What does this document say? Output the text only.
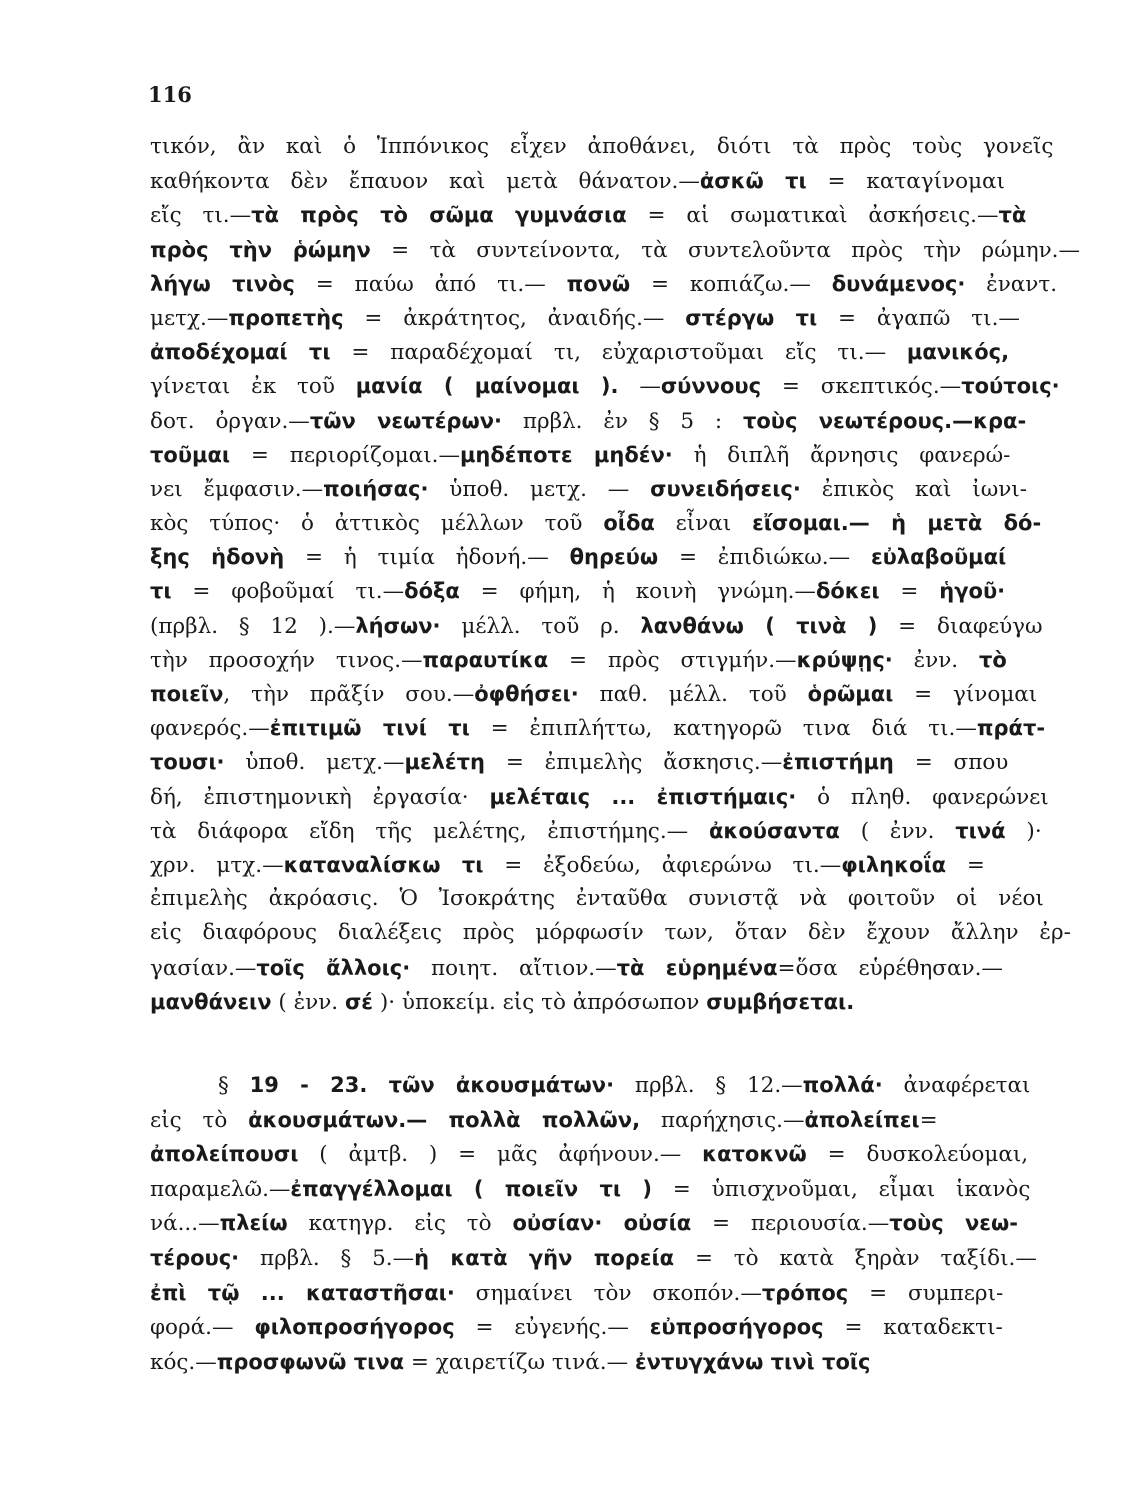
116
τικόν, ἂν καὶ ὁ Ἱππόνικος εἶχεν ἀποθάνει, διότι τὰ πρὸς τοὺς γονεῖς
καθήκοντα δὲν ἔπαυον καὶ μετὰ θάνατον.—ἀσκῶ τι = καταγίνομαι
εἴς τι.—τὰ πρὸς τὸ σῶμα γυμνάσια = αἱ σωματικαὶ ἀσκήσεις.—τὰ
πρὸς τὴν ῥώμην = τὰ συντείνοντα, τὰ συντελοῦντα πρὸς τὴν ρώμην.—
λήγω τινὸς = παύω ἀπό τι.— πονῶ = κοπιάζω.— δυνάμενος· ἐναντ.
μετχ.—προπετὴς = ἀκράτητος, ἀναιδής.— στέργω τι = ἀγαπῶ τι.—
ἀποδέχομαί τι = παραδέχομαί τι, εὐχαριστοῦμαι εἴς τι.— μανικός,
γίνεται ἐκ τοῦ μανία ( μαίνομαι ). —σύννους = σκεπτικός.—τούτοις·
δοτ. ὀργαν.—τῶν νεωτέρων· πρβλ. ἐν § 5 : τοὺς νεωτέρους.—κρα-
τοῦμαι = περιορίζομαι.—μηδέποτε μηδέν· ἡ διπλῆ ἄρνησις φανερώ-
νει ἔμφασιν.—ποιήσας· ὑποθ. μετχ. — συνειδήσεις· ἐπικὸς καὶ ἰωνι-
κὸς τύπος· ὁ ἀττικὸς μέλλων τοῦ οἶδα εἶναι εἴσομαι.— ἡ μετὰ δό-
ξης ἡδονὴ = ἡ τιμία ἡδονή.— θηρεύω = ἐπιδιώκω.— εὐλαβοῦμαί
τι = φοβοῦμαί τι.—δόξα = φήμη, ἡ κοινὴ γνώμη.—δόκει = ἡγοῦ·
(πρβλ. § 12 ).—λήσων· μέλλ. τοῦ ρ. λανθάνω ( τινὰ ) = διαφεύγω
τὴν προσοχήν τινος.—παραυτίκα = πρὸς στιγμήν.—κρύψῃς· ἐνν. τὸ
ποιεῖν, τὴν πρᾶξίν σου.—ὀφθήσει· παθ. μέλλ. τοῦ ὁρῶμαι = γίνομαι
φανερός.—ἐπιτιμῶ τινί τι = ἐπιπλήττω, κατηγορῶ τινα διά τι.—πράτ-
τουσι· ὑποθ. μετχ.—μελέτη = ἐπιμελὴς ἄσκησις.—ἐπιστήμη = σπου
δή, ἐπιστημονικὴ ἐργασία· μελέταις ... ἐπιστήμαις· ὁ πληθ. φανερώνει
τὰ διάφορα εἴδη τῆς μελέτης, ἐπιστήμης.— ἀκούσαντα ( ἐνν. τινά )·
χρν. μτχ.—καταναλίσκω τι = ἐξοδεύω, ἀφιερώνω τι.—φιληκοΐα =
ἐπιμελὴς ἀκρόασις. Ὁ Ἰσοκράτης ἐνταῦθα συνιστᾷ νὰ φοιτοῦν οἱ νέοι
εἰς διαφόρους διαλέξεις πρὸς μόρφωσίν των, ὅταν δὲν ἔχουν ἄλλην ἐρ-
γασίαν.—τοῖς ἄλλοις· ποιητ. αἴτιον.—τὰ εὑρημένα=ὅσα εὑρέθησαν.—
μανθάνειν ( ἐνν. σέ )· ὑποκείμ. εἰς τὸ ἀπρόσωπον συμβήσεται.
§ 19 - 23. τῶν ἀκουσμάτων· πρβλ. § 12.—πολλά· ἀναφέρεται
εἰς τὸ ἀκουσμάτων.— πολλὰ πολλῶν, παρήχησις.—ἀπολείπει=
ἀπολείπουσι ( ἀμτβ. ) = μᾶς ἀφήνουν.— κατοκνῶ = δυσκολεύομαι,
παραμελῶ.—ἐπαγγέλλομαι ( ποιεῖν τι ) = ὑπισχνοῦμαι, εἶμαι ἱκανὸς
νά...—πλείω κατηγρ. εἰς τὸ οὐσίαν· οὐσία = περιουσία.—τοὺς νεω-
τέρους· πρβλ. § 5.—ἡ κατὰ γῆν πορεία = τὸ κατὰ ξηρὰν ταξίδι.—
ἐπὶ τῷ ... καταστῆσαι· σημαίνει τὸν σκοπόν.—τρόπος = συμπερι-
φορά.— φιλοπροσήγορος = εὐγενής.— εὐπροσήγορος = καταδεκτι-
κός.—προσφωνῶ τινα = χαιρετίζω τινά.— ἐντυγχάνω τινὶ τοῖς
